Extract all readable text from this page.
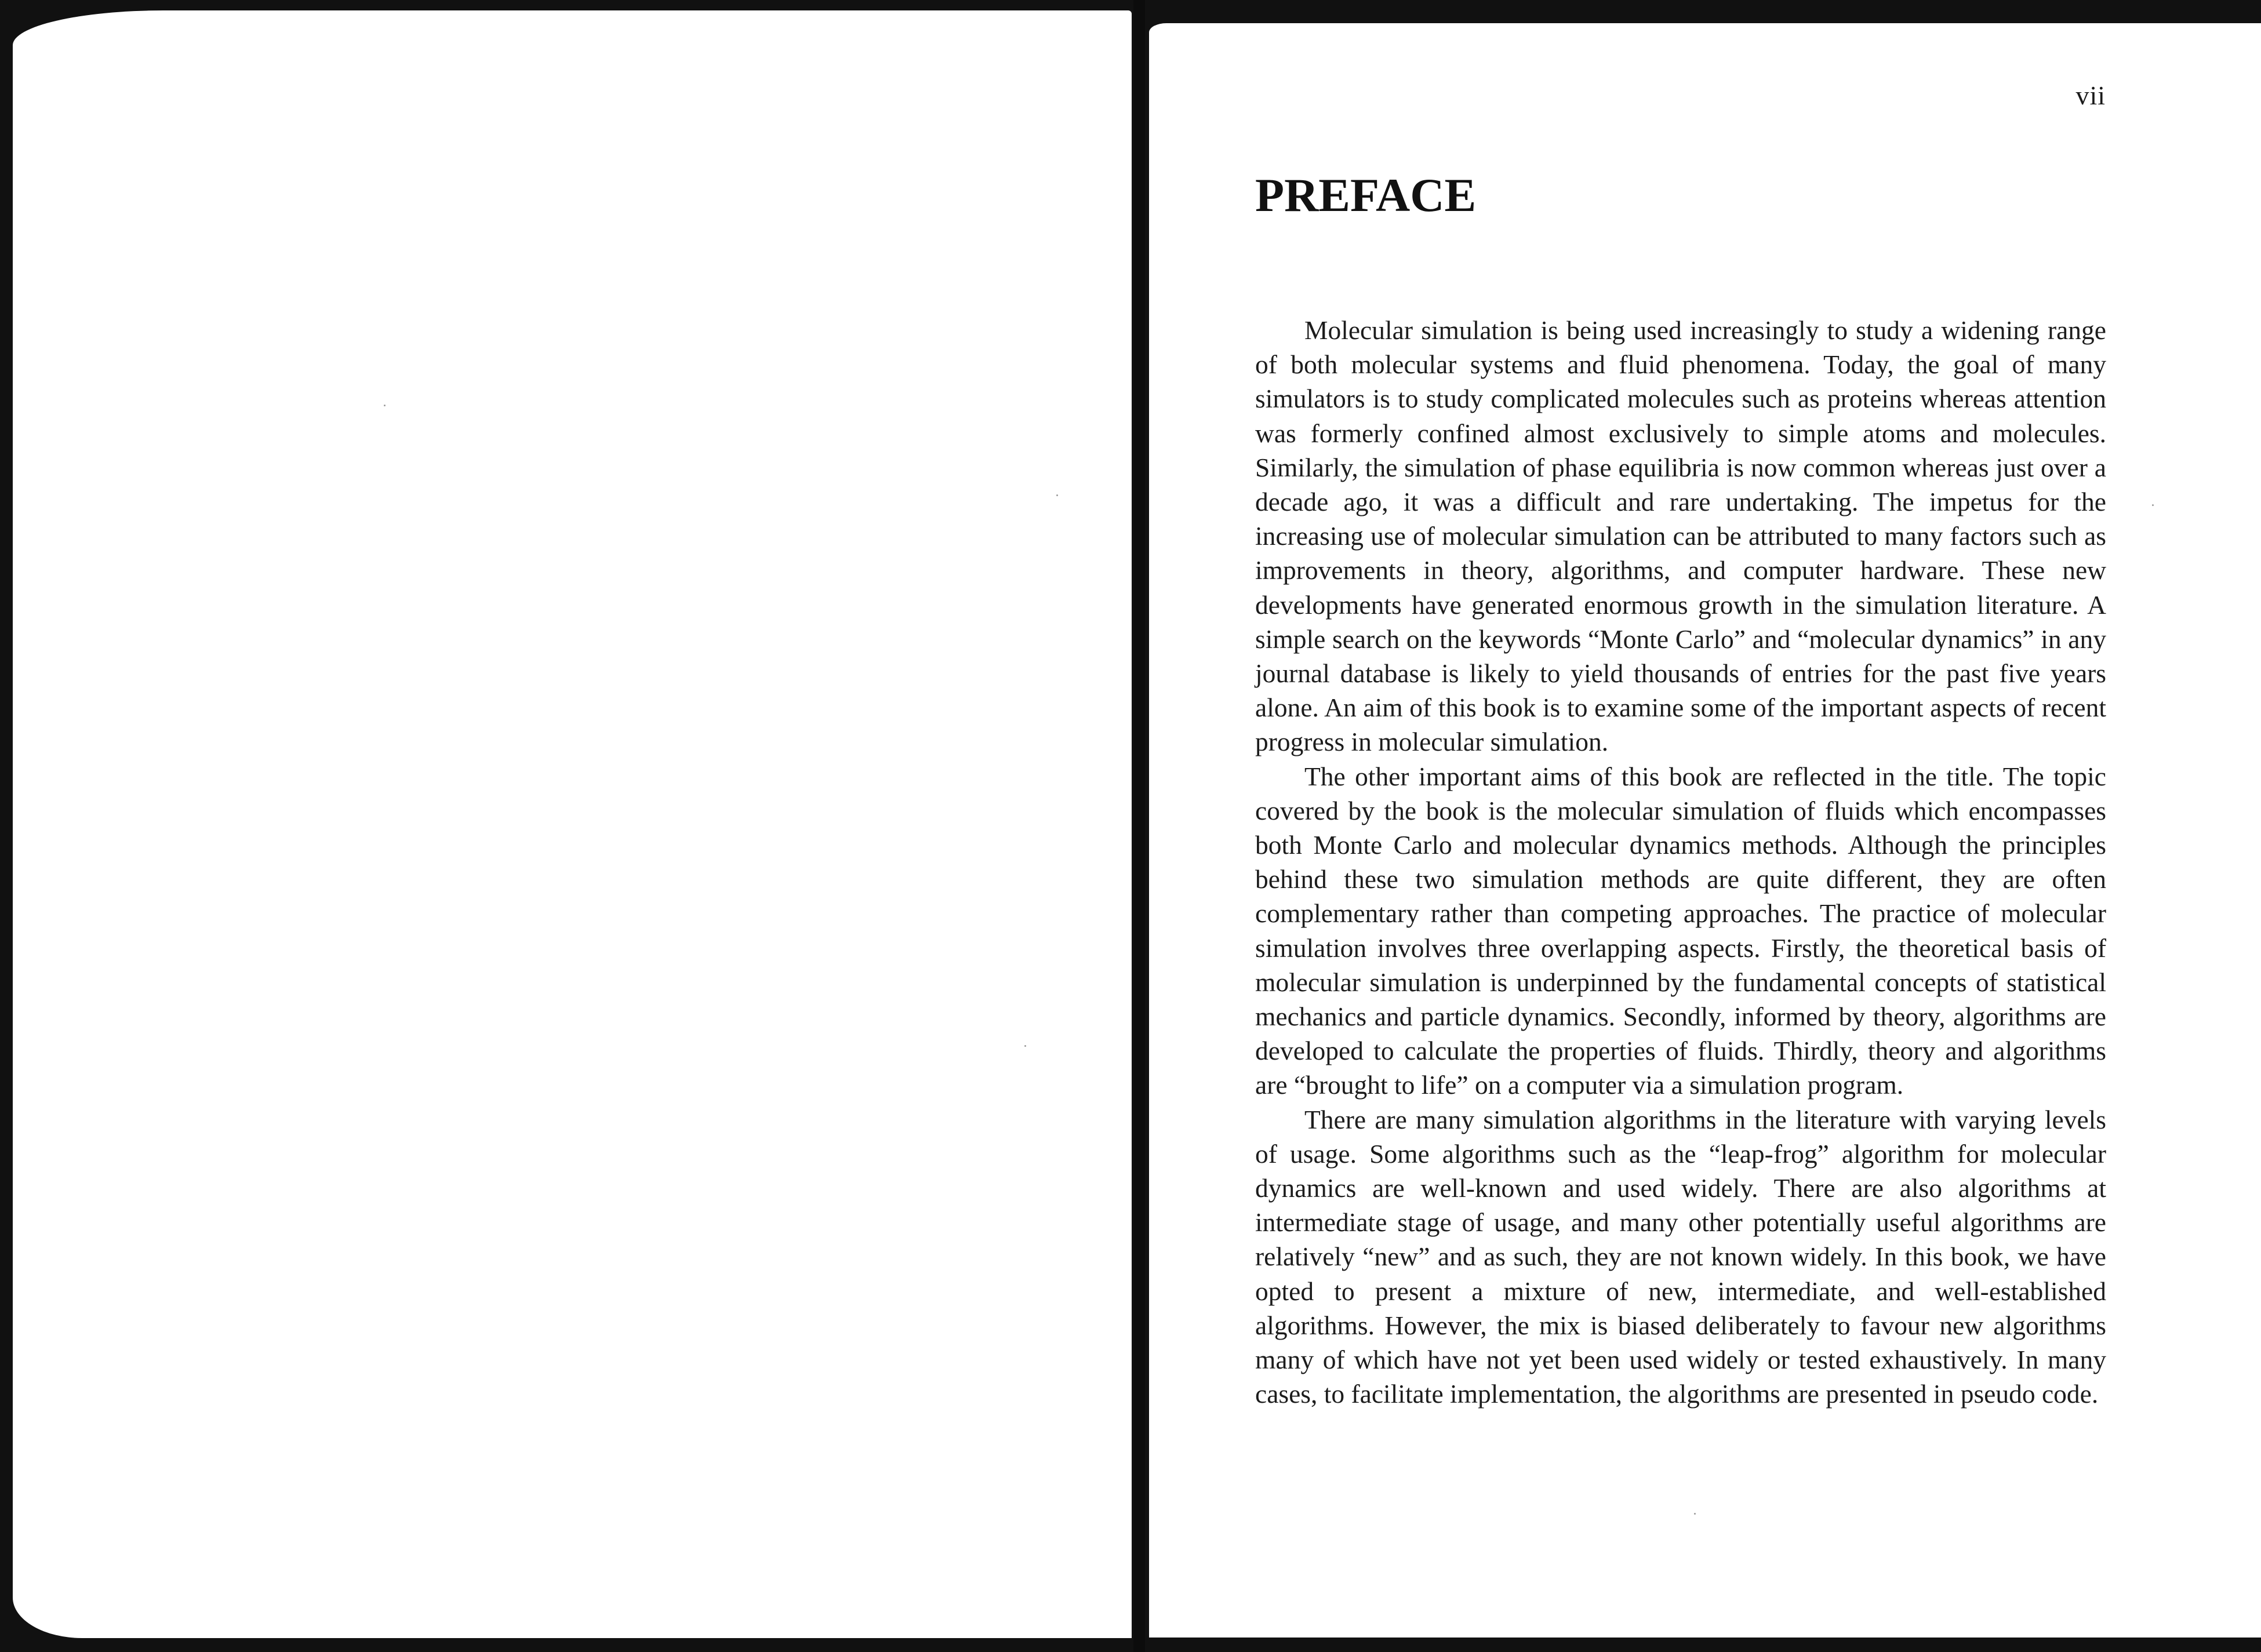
vii
PREFACE

Molecular simulation is being used increasingly to study a widening range of both molecular systems and fluid phenomena. Today, the goal of many simulators is to study complicated molecules such as proteins whereas attention was formerly confined almost exclusively to simple atoms and molecules. Similarly, the simulation of phase equilibria is now common whereas just over a decade ago, it was a difficult and rare undertaking. The impetus for the increasing use of molecular simulation can be attributed to many factors such as improvements in theory, algorithms, and computer hardware. These new developments have generated enormous growth in the simulation literature. A simple search on the keywords “Monte Carlo” and “molecular dynamics” in any journal database is likely to yield thousands of entries for the past five years alone. An aim of this book is to examine some of the important aspects of recent progress in molecular simulation.

The other important aims of this book are reflected in the title. The topic covered by the book is the molecular simulation of fluids which encompasses both Monte Carlo and molecular dynamics methods. Although the principles behind these two simulation methods are quite different, they are often complementary rather than competing approaches. The practice of molecular simulation involves three overlapping aspects. Firstly, the theoretical basis of molecular simulation is underpinned by the fundamental concepts of statistical mechanics and particle dynamics. Secondly, informed by theory, algorithms are developed to calculate the properties of fluids. Thirdly, theory and algorithms are “brought to life” on a computer via a simulation program.

There are many simulation algorithms in the literature with varying levels of usage. Some algorithms such as the “leap-frog” algorithm for molecular dynamics are well-known and used widely. There are also algorithms at intermediate stage of usage, and many other potentially useful algorithms are relatively “new” and as such, they are not known widely. In this book, we have opted to present a mixture of new, intermediate, and well-established algorithms. However, the mix is biased deliberately to favour new algorithms many of which have not yet been used widely or tested exhaustively. In many cases, to facilitate implementation, the algorithms are presented in pseudo code.
